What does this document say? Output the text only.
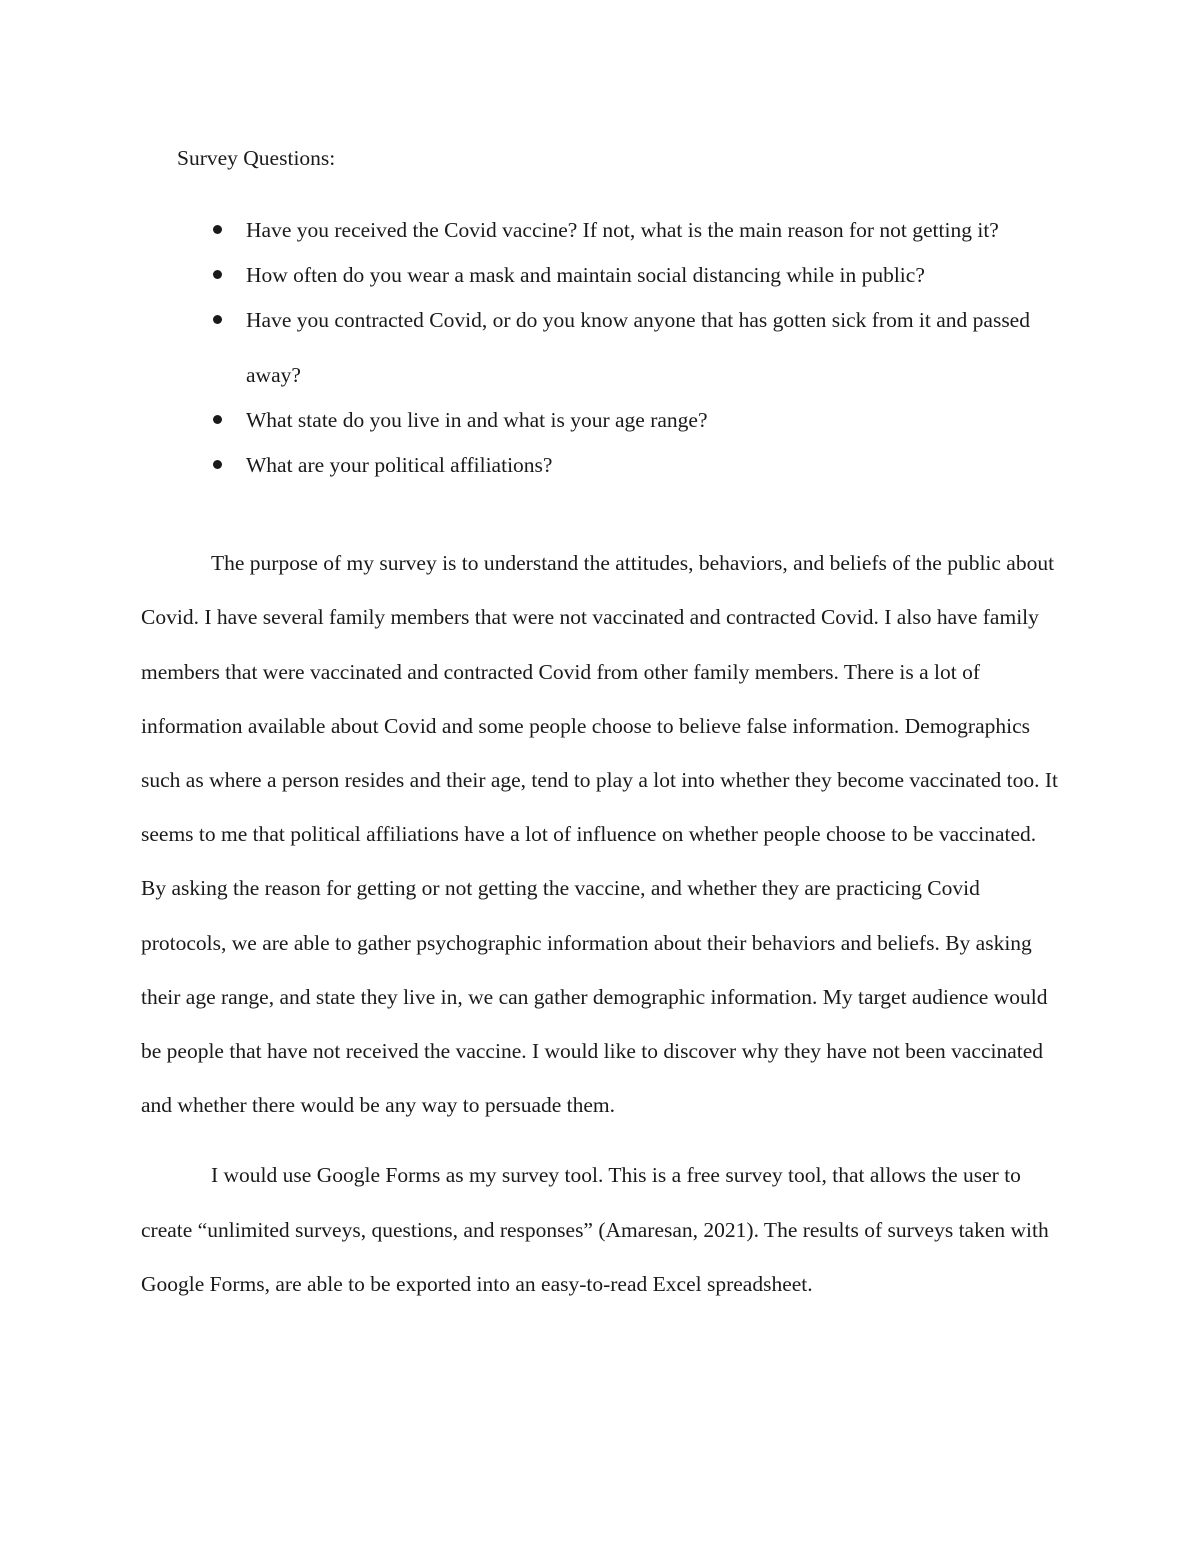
Survey Questions:

Have you received the Covid vaccine? If not, what is the main reason for not getting it?
How often do you wear a mask and maintain social distancing while in public?
Have you contracted Covid, or do you know anyone that has gotten sick from it and passed away?
What state do you live in and what is your age range?
What are your political affiliations?

The purpose of my survey is to understand the attitudes, behaviors, and beliefs of the public about Covid. I have several family members that were not vaccinated and contracted Covid. I also have family members that were vaccinated and contracted Covid from other family members. There is a lot of information available about Covid and some people choose to believe false information. Demographics such as where a person resides and their age, tend to play a lot into whether they become vaccinated too. It seems to me that political affiliations have a lot of influence on whether people choose to be vaccinated. By asking the reason for getting or not getting the vaccine, and whether they are practicing Covid protocols, we are able to gather psychographic information about their behaviors and beliefs. By asking their age range, and state they live in, we can gather demographic information. My target audience would be people that have not received the vaccine. I would like to discover why they have not been vaccinated and whether there would be any way to persuade them.

I would use Google Forms as my survey tool. This is a free survey tool, that allows the user to create “unlimited surveys, questions, and responses” (Amaresan, 2021). The results of surveys taken with Google Forms, are able to be exported into an easy-to-read Excel spreadsheet.
